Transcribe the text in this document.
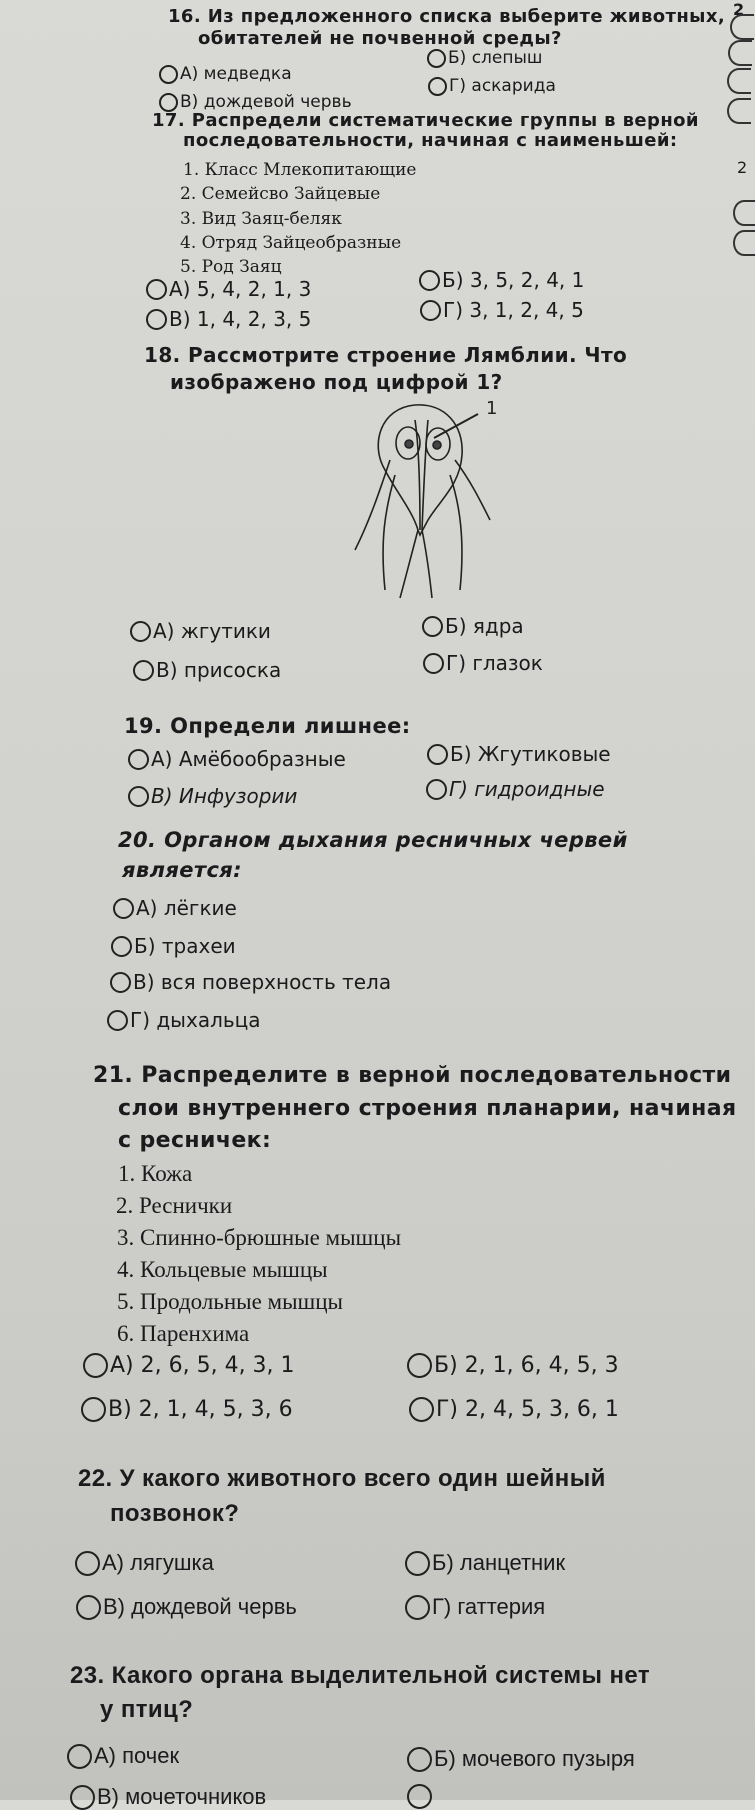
2
2
16. Из предложенного списка выберите животных,
обитателей не почвенной среды?
А) медведка
Б) слепыш
В) дождевой червь
Г) аскарида
17. Распредели систематические группы в верной
последовательности, начиная с наименьшей:
1. Класс Млекопитающие
2. Семейсво Зайцевые
3. Вид Заяц-беляк
4. Отряд Зайцеобразные
5. Род Заяц
А) 5, 4, 2, 1, 3	Б) 3, 5, 2, 4, 1
В) 1, 4, 2, 3, 5	Г) 3, 1, 2, 4, 5
18. Рассмотрите строение Лямблии. Что
изображено под цифрой 1?
1
А) жгутики	Б) ядра
В) присоска	Г) глазок
19. Определи лишнее:
А) Амёбообразные	Б) Жгутиковые
В) Инфузории	Г) гидроидные
20. Органом дыхания ресничных червей
является:
А) лёгкие
Б) трахеи
В) вся поверхность тела
Г) дыхальца
21. Распределите в верной последовательности
слои внутреннего строения планарии, начиная
с ресничек:
1. Кожа
2. Реснички
3. Спинно-брюшные мышцы
4. Кольцевые мышцы
5. Продольные мышцы
6. Паренхима
А) 2, 6, 5, 4, 3, 1	Б) 2, 1, 6, 4, 5, 3
В) 2, 1, 4, 5, 3, 6	Г) 2, 4, 5, 3, 6, 1
22. У какого животного всего один шейный
позвонок?
А) лягушка	Б) ланцетник
В) дождевой червь	Г) гаттерия
23. Какого органа выделительной системы нет
у птиц?
А) почек	Б) мочевого пузыря
В) мочеточников
